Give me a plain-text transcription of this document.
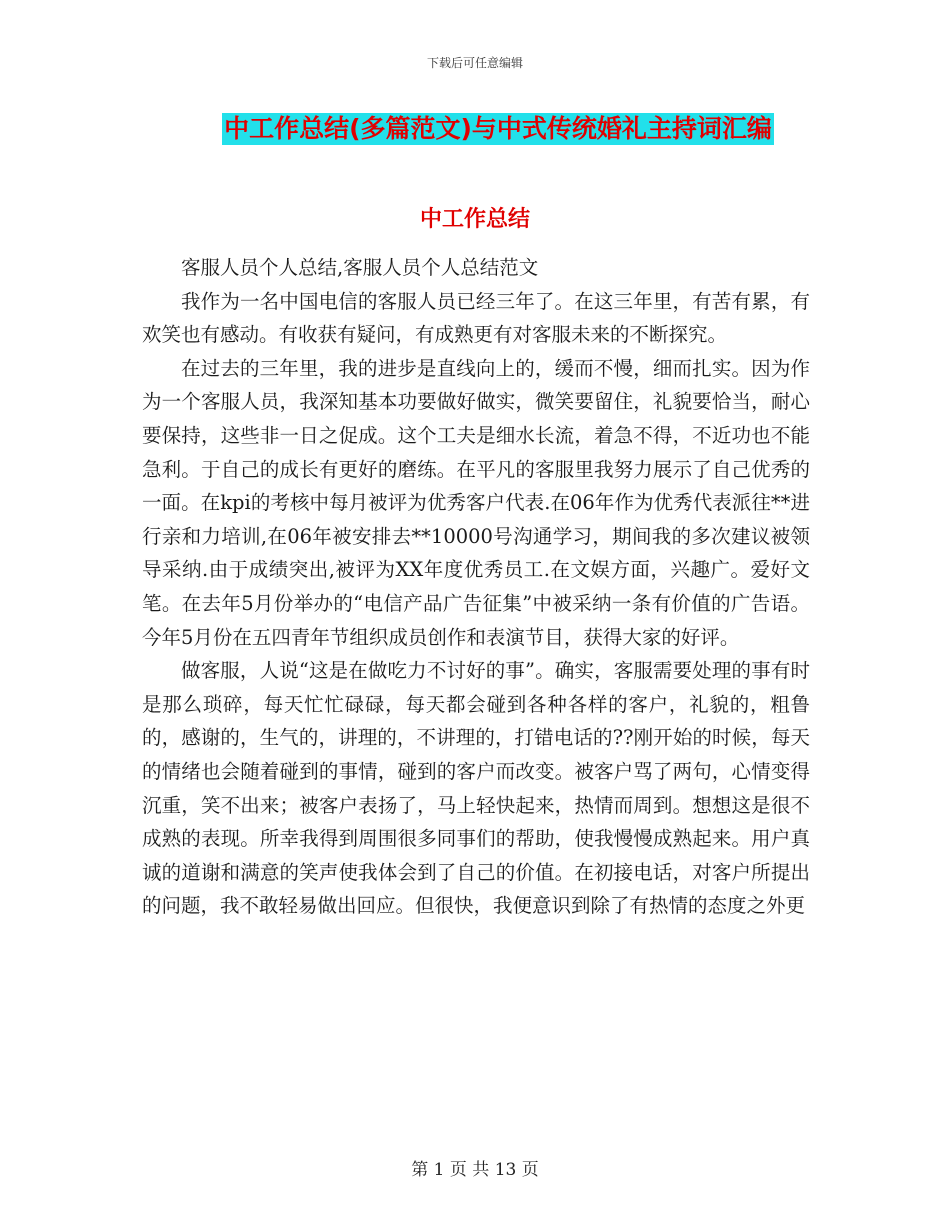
下载后可任意编辑
中工作总结(多篇范文)与中式传统婚礼主持词汇编
中工作总结

客服人员个人总结,客服人员个人总结范文

我作为一名中国电信的客服人员已经三年了。在这三年里，有苦有累，有欢笑也有感动。有收获有疑问，有成熟更有对客服未来的不断探究。

在过去的三年里，我的进步是直线向上的，缓而不慢，细而扎实。因为作为一个客服人员，我深知基本功要做好做实，微笑要留住，礼貌要恰当，耐心要保持，这些非一日之促成。这个工夫是细水长流，着急不得，不近功也不能急利。于自己的成长有更好的磨练。在平凡的客服里我努力展示了自己优秀的一面。在kpi的考核中每月被评为优秀客户代表.在06年作为优秀代表派往**进行亲和力培训,在06年被安排去**10000号沟通学习，期间我的多次建议被领导采纳.由于成绩突出,被评为XX年度优秀员工.在文娱方面，兴趣广。爱好文笔。在去年5月份举办的“电信产品广告征集”中被采纳一条有价值的广告语。今年5月份在五四青年节组织成员创作和表演节目，获得大家的好评。

做客服，人说“这是在做吃力不讨好的事”。确实，客服需要处理的事有时是那么琐碎，每天忙忙碌碌，每天都会碰到各种各样的客户，礼貌的，粗鲁的，感谢的，生气的，讲理的，不讲理的，打错电话的??刚开始的时候，每天的情绪也会随着碰到的事情，碰到的客户而改变。被客户骂了两句，心情变得沉重，笑不出来；被客户表扬了，马上轻快起来，热情而周到。想想这是很不成熟的表现。所幸我得到周围很多同事们的帮助，使我慢慢成熟起来。用户真诚的道谢和满意的笑声使我体会到了自己的价值。在初接电话，对客户所提出的问题，我不敢轻易做出回应。但很快，我便意识到除了有热情的态度之外更

第 1 页 共 13 页
